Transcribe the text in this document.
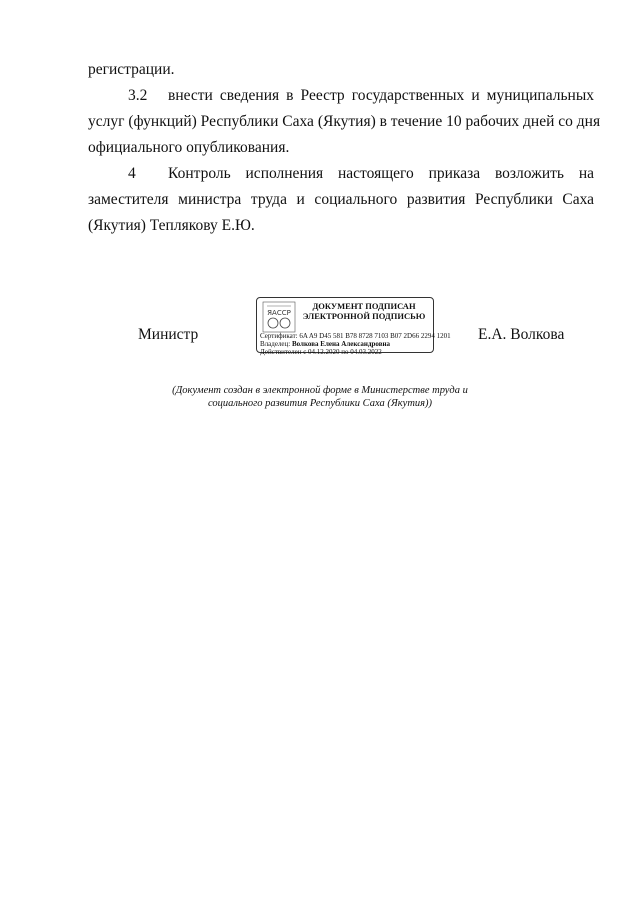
регистрации.
3.2 внести сведения в Реестр государственных и муниципальных
услуг (функций) Республики Саха (Якутия) в течение 10 рабочих дней со дня
официального опубликования.
4 Контроль исполнения настоящего приказа возложить на
заместителя министра труда и социального развития Республики Саха
(Якутия) Теплякову Е.Ю.
Министр
ЯАССР
ДОКУМЕНТ ПОДПИСАН
ЭЛЕКТРОННОЙ ПОДПИСЬЮ
Сертификат: 6A A9 D45 581 B78 8728 7103 B07 2D66 2294 1201
Владелец: Волкова Елена Александровна
Действителен с 04.12.2020 по 04.03.2022
Е.А. Волкова
(Документ создан в электронной форме в Министерстве труда и
социального развития Республики Саха (Якутия))
